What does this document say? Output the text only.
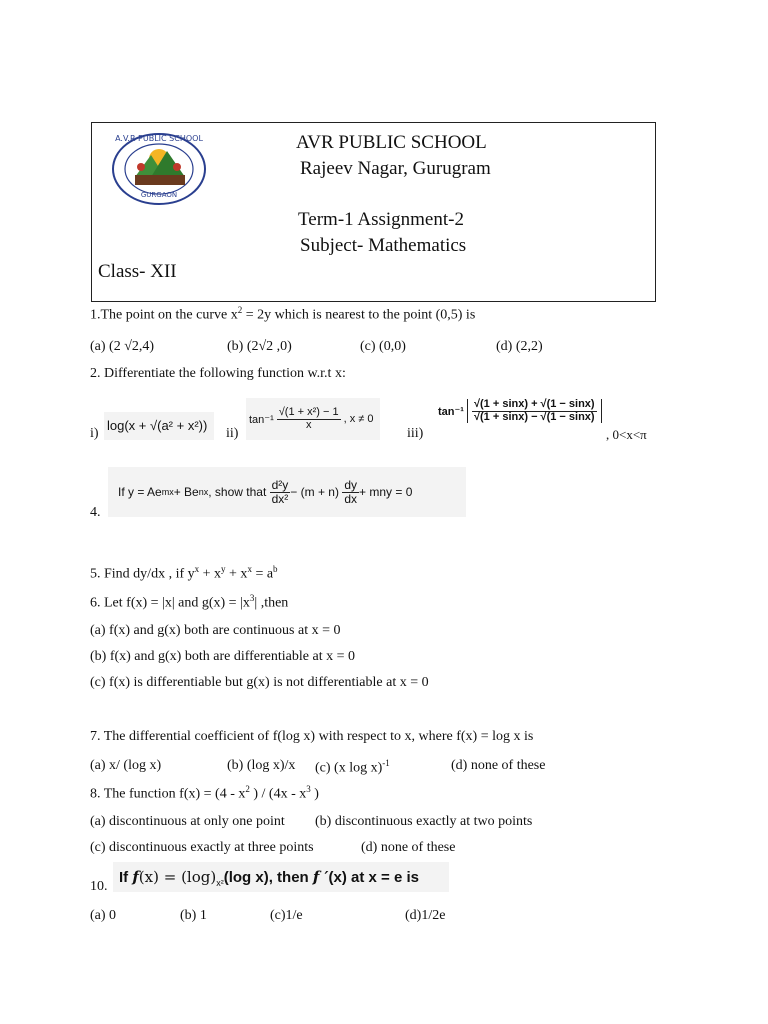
A.V.R PUBLIC SCHOOL
GURGAON
AVR PUBLIC SCHOOL
Rajeev Nagar, Gurugram
Term-1 Assignment-2
Subject- Mathematics
Class- XII
1.The point on the curve $x^2 = 2y$ which is nearest to the point (0,5) is
(a) (2 √2,4)	(b) (2√2 ,0)	(c) (0,0)	(d) (2,2)
2. Differentiate the following function w.r.t x:
i)
log(x + √(a² + x²))
ii)
$\tan^{-1} \frac{\text{√(1 + x²) − 1}}{x}$ , x ≠ 0
iii)
$\tan^{-1} \frac{√(1 + \sin x) + √(1 - \sin x)}{√(1 + \sin x) - √(1 - \sin x)}$
, 0<x<π
4.
If y = Ae mx + Be nx , show that
$\frac{\text{d²y}}{\text{dx²}} - (m + n)$
$\frac{dy}{dx}$ + mny = 0
5. Find dy/dx , if $y^x + x^y + x^x = a^b$
6. Let f(x) = |x| and $g(x) = |x^3|$ ,then
(a) f(x) and g(x) both are continuous at x = 0
(b) f(x) and g(x) both are differentiable at x = 0
(c) f(x) is differentiable but g(x) is not differentiable at x = 0
7. The differential coefficient of f(log x) with respect to x, where f(x) = log x is
(a) x/ (log x)	(b) (log x)/x (c) (x log x)$^{-1}$	(d) none of these
8. The function $f(x) = (4 - x^2$ ) / ($4x - x^3$ )
(a) discontinuous at only one point (b) discontinuous exactly at two points
(c) discontinuous exactly at three points	(d) none of these
10.
If $f(x) = (\log)_{x^2}(\log$ x), then f ′(x) at x = e is
(a) 0	(b) 1	(c)1/e	(d)1/2e
